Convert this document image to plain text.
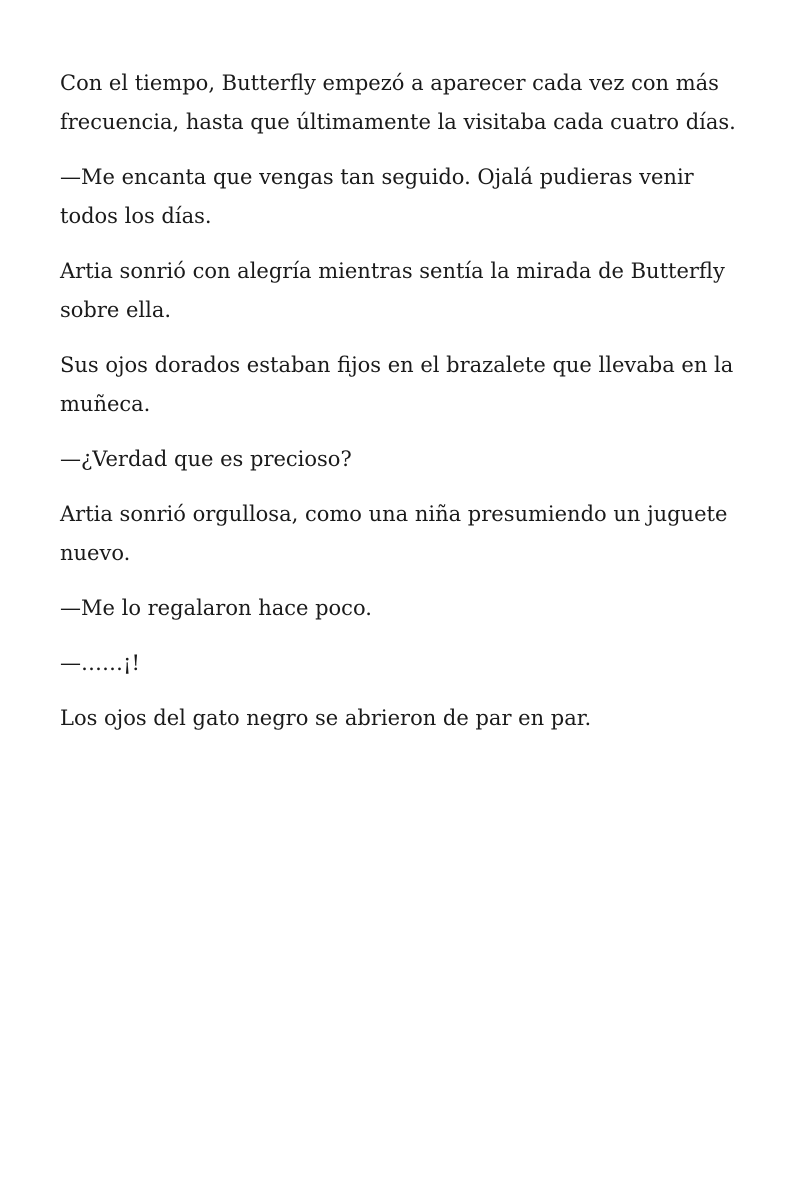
Con el tiempo, Butterfly empezó a aparecer cada vez con más frecuencia, hasta que últimamente la visitaba cada cuatro días.

—Me encanta que vengas tan seguido. Ojalá pudieras venir todos los días.

Artia sonrió con alegría mientras sentía la mirada de Butterfly sobre ella.

Sus ojos dorados estaban fijos en el brazalete que llevaba en la muñeca.

—¿Verdad que es precioso?

Artia sonrió orgullosa, como una niña presumiendo un juguete nuevo.

—Me lo regalaron hace poco.

—……¡!

Los ojos del gato negro se abrieron de par en par.
